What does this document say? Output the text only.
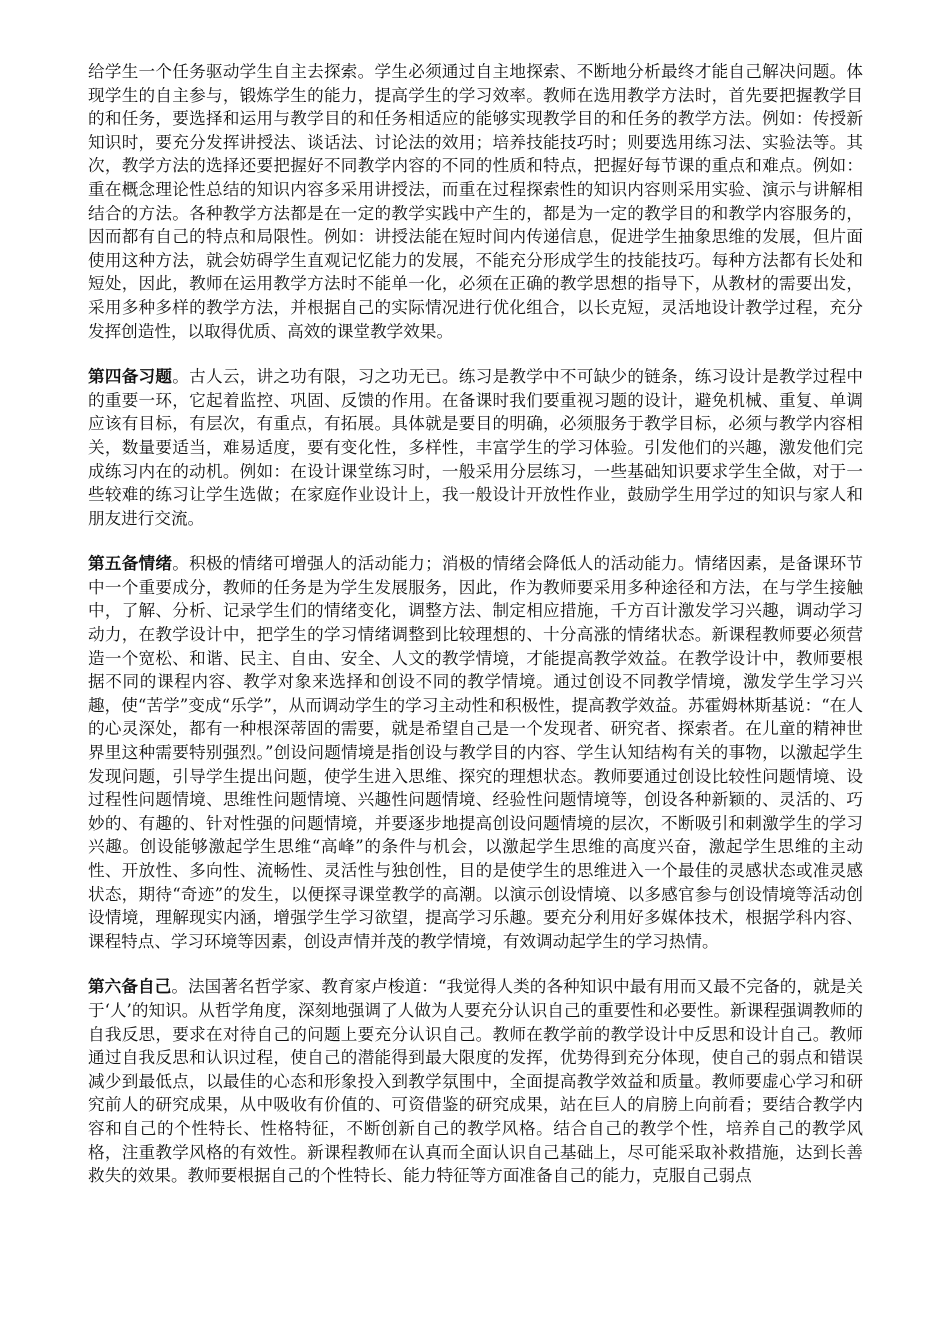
给学生一个任务驱动学生自主去探索。学生必须通过自主地探索、不断地分析最终才能自己解决问题。体现学生的自主参与，锻炼学生的能力，提高学生的学习效率。教师在选用教学方法时，首先要把握教学目的和任务，要选择和运用与教学目的和任务相适应的能够实现教学目的和任务的教学方法。例如：传授新知识时，要充分发挥讲授法、谈话法、讨论法的效用；培养技能技巧时；则要选用练习法、实验法等。其次，教学方法的选择还要把握好不同教学内容的不同的性质和特点，把握好每节课的重点和难点。例如：重在概念理论性总结的知识内容多采用讲授法，而重在过程探索性的知识内容则采用实验、演示与讲解相结合的方法。各种教学方法都是在一定的教学实践中产生的，都是为一定的教学目的和教学内容服务的，因而都有自己的特点和局限性。例如：讲授法能在短时间内传递信息，促进学生抽象思维的发展，但片面使用这种方法，就会妨碍学生直观记忆能力的发展，不能充分形成学生的技能技巧。每种方法都有长处和短处，因此，教师在运用教学方法时不能单一化，必须在正确的教学思想的指导下，从教材的需要出发，采用多种多样的教学方法，并根据自己的实际情况进行优化组合，以长克短，灵活地设计教学过程，充分发挥创造性，以取得优质、高效的课堂教学效果。

第四备习题。古人云，讲之功有限，习之功无已。练习是教学中不可缺少的链条，练习设计是教学过程中的重要一环，它起着监控、巩固、反馈的作用。在备课时我们要重视习题的设计，避免机械、重复、单调应该有目标，有层次，有重点，有拓展。具体就是要目的明确，必须服务于教学目标，必须与教学内容相关，数量要适当，难易适度，要有变化性，多样性，丰富学生的学习体验。引发他们的兴趣，激发他们完成练习内在的动机。例如：在设计课堂练习时，一般采用分层练习，一些基础知识要求学生全做，对于一些较难的练习让学生选做；在家庭作业设计上，我一般设计开放性作业，鼓励学生用学过的知识与家人和朋友进行交流。

第五备情绪。积极的情绪可增强人的活动能力；消极的情绪会降低人的活动能力。情绪因素，是备课环节中一个重要成分，教师的任务是为学生发展服务，因此，作为教师要采用多种途径和方法，在与学生接触中，了解、分析、记录学生们的情绪变化，调整方法、制定相应措施，千方百计激发学习兴趣，调动学习动力，在教学设计中，把学生的学习情绪调整到比较理想的、十分高涨的情绪状态。新课程教师要必须营造一个宽松、和谐、民主、自由、安全、人文的教学情境，才能提高教学效益。在教学设计中，教师要根据不同的课程内容、教学对象来选择和创设不同的教学情境。通过创设不同教学情境，激发学生学习兴趣，使“苦学”变成“乐学”，从而调动学生的学习主动性和积极性，提高教学效益。苏霍姆林斯基说：“在人的心灵深处，都有一种根深蒂固的需要，就是希望自己是一个发现者、研究者、探索者。在儿童的精神世界里这种需要特别强烈。”创设问题情境是指创设与教学目的内容、学生认知结构有关的事物，以激起学生发现问题，引导学生提出问题，使学生进入思维、探究的理想状态。教师要通过创设比较性问题情境、设过程性问题情境、思维性问题情境、兴趣性问题情境、经验性问题情境等，创设各种新颖的、灵活的、巧妙的、有趣的、针对性强的问题情境，并要逐步地提高创设问题情境的层次，不断吸引和刺激学生的学习兴趣。创设能够激起学生思维“高峰”的条件与机会，以激起学生思维的高度兴奋，激起学生思维的主动性、开放性、多向性、流畅性、灵活性与独创性，目的是使学生的思维进入一个最佳的灵感状态或准灵感状态，期待“奇迹”的发生，以便探寻课堂教学的高潮。以演示创设情境、以多感官参与创设情境等活动创设情境，理解现实内涵，增强学生学习欲望，提高学习乐趣。要充分利用好多媒体技术，根据学科内容、课程特点、学习环境等因素，创设声情并茂的教学情境，有效调动起学生的学习热情。

第六备自己。法国著名哲学家、教育家卢梭道：“我觉得人类的各种知识中最有用而又最不完备的，就是关于‘人’的知识。从哲学角度，深刻地强调了人做为人要充分认识自己的重要性和必要性。新课程强调教师的自我反思，要求在对待自己的问题上要充分认识自己。教师在教学前的教学设计中反思和设计自己。教师通过自我反思和认识过程，使自己的潜能得到最大限度的发挥，优势得到充分体现，使自己的弱点和错误减少到最低点，以最佳的心态和形象投入到教学氛围中，全面提高教学效益和质量。教师要虚心学习和研究前人的研究成果，从中吸收有价值的、可资借鉴的研究成果，站在巨人的肩膀上向前看；要结合教学内容和自己的个性特长、性格特征，不断创新自己的教学风格。结合自己的教学个性，培养自己的教学风格，注重教学风格的有效性。新课程教师在认真而全面认识自己基础上，尽可能采取补救措施，达到长善救失的效果。教师要根据自己的个性特长、能力特征等方面准备自己的能力，克服自己弱点
